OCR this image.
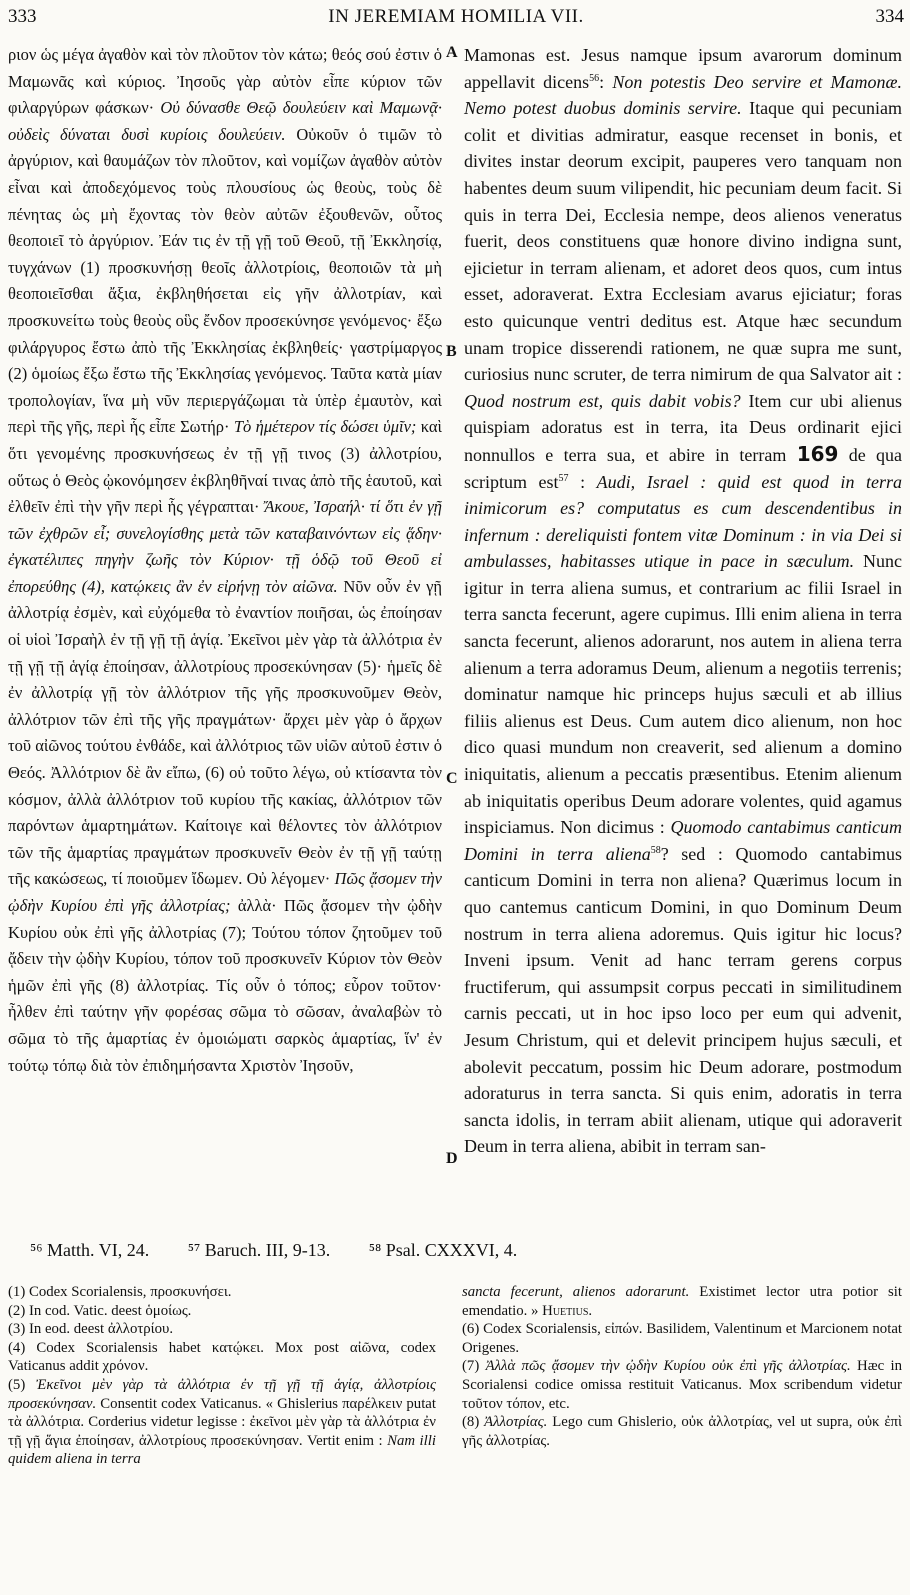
333	IN JEREMIAM HOMILIA VII.	334

ριον ὡς μέγα ἀγαθὸν καὶ τὸν πλοῦτον τὸν κάτω; θεός σού ἐστιν ὁ Μαμωνᾶς καὶ κύριος. Ἰησοῦς γὰρ αὐτὸν εἶπε κύριον τῶν φιλαργύρων φάσκων· Οὐ δύνασθε Θεῷ δουλεύειν καὶ Μαμωνᾷ· οὐδεὶς δύναται δυσὶ κυρίοις δουλεύειν. Οὐκοῦν ὁ τιμῶν τὸ ἀργύριον, καὶ θαυμάζων τὸν πλοῦτον, καὶ νομίζων ἀγαθὸν αὐτὸν εἶναι καὶ ἀποδεχόμενος τοὺς πλουσίους ὡς θεοὺς, τοὺς δὲ πένητας ὡς μὴ ἔχοντας τὸν θεὸν αὐτῶν ἐξουθενῶν, οὗτος θεοποιεῖ τὸ ἀργύριον. Ἐάν τις ἐν τῇ γῇ τοῦ Θεοῦ, τῇ Ἐκκλησίᾳ, τυγχάνων (1) προσκυνήσῃ θεοῖς ἀλλοτρίοις, θεοποιῶν τὰ μὴ θεοποιεῖσθαι ἄξια, ἐκβληθήσεται εἰς γῆν ἀλλοτρίαν, καὶ προσκυνείτω τοὺς θεοὺς οὓς ἔνδον προσεκύνησε γενόμενος· ἔξω φιλάργυρος ἔστω ἀπὸ τῆς Ἐκκλησίας ἐκβληθείς· γαστρίμαργος (2) ὁμοίως ἔξω ἔστω τῆς Ἐκκλησίας γενόμενος. Ταῦτα κατὰ μίαν τροπολογίαν, ἵνα μὴ νῦν περιεργάζωμαι τὰ ὑπὲρ ἐμαυτὸν, καὶ περὶ τῆς γῆς, περὶ ἧς εἶπε Σωτήρ· Τὸ ἡμέτερον τίς δώσει ὑμῖν; καὶ ὅτι γενομένης προσκυνήσεως ἐν τῇ γῇ τινος (3) ἀλλοτρίου, οὕτως ὁ Θεὸς ᾠκονόμησεν ἐκβληθῆναί τινας ἀπὸ τῆς ἑαυτοῦ, καὶ ἐλθεῖν ἐπὶ τὴν γῆν περὶ ἧς γέγραπται· Ἄκουε, Ἰσραήλ· τί ὅτι ἐν γῇ τῶν ἐχθρῶν εἶ; συνελογίσθης μετὰ τῶν καταβαινόντων εἰς ᾅδην· ἐγκατέλιπες πηγὴν ζωῆς τὸν Κύριον· τῇ ὁδῷ τοῦ Θεοῦ εἰ ἐπορεύθης (4), κατῴκεις ἂν ἐν εἰρήνῃ τὸν αἰῶνα. Νῦν οὖν ἐν γῇ ἀλλοτρίᾳ ἐσμὲν, καὶ εὐχόμεθα τὸ ἐναντίον ποιῆσαι, ὡς ἐποίησαν οἱ υἱοὶ Ἰσραὴλ ἐν τῇ γῇ τῇ ἁγίᾳ. Ἐκεῖνοι μὲν γὰρ τὰ ἀλλότρια ἐν τῇ γῇ τῇ ἁγίᾳ ἐποίησαν, ἀλλοτρίους προσεκύνησαν (5)· ἡμεῖς δὲ ἐν ἀλλοτρίᾳ γῇ τὸν ἀλλότριον τῆς γῆς προσκυνοῦμεν Θεὸν, ἀλλότριον τῶν ἐπὶ τῆς γῆς πραγμάτων· ἄρχει μὲν γὰρ ὁ ἄρχων τοῦ αἰῶνος τούτου ἐνθάδε, καὶ ἀλλότριος τῶν υἱῶν αὐτοῦ ἐστιν ὁ Θεός. Ἀλλότριον δὲ ἂν εἴπω, (6) οὐ τοῦτο λέγω, οὐ κτίσαντα τὸν κόσμον, ἀλλὰ ἀλλότριον τοῦ κυρίου τῆς κακίας, ἀλλότριον τῶν παρόντων ἁμαρτημάτων. Καίτοιγε καὶ θέλοντες τὸν ἀλλότριον τῶν τῆς ἁμαρτίας πραγμάτων προσκυνεῖν Θεὸν ἐν τῇ γῇ ταύτῃ τῆς κακώσεως, τί ποιοῦμεν ἴδωμεν. Οὐ λέγομεν· Πῶς ᾄσομεν τὴν ᾠδὴν Κυρίου ἐπὶ γῆς ἀλλοτρίας; ἀλλὰ· Πῶς ᾄσομεν τὴν ᾠδὴν Κυρίου οὐκ ἐπὶ γῆς ἀλλοτρίας (7); Τούτου τόπον ζητοῦμεν τοῦ ᾄδειν τὴν ᾠδὴν Κυρίου, τόπον τοῦ προσκυνεῖν Κύριον τὸν Θεὸν ἡμῶν ἐπὶ γῆς (8) ἀλλοτρίας. Τίς οὖν ὁ τόπος; εὗρον τοῦτον· ἦλθεν ἐπὶ ταύτην γῆν φορέσας σῶμα τὸ σῶσαν, ἀναλαβὼν τὸ σῶμα τὸ τῆς ἁμαρτίας ἐν ὁμοιώματι σαρκὸς ἁμαρτίας, ἵν' ἐν τούτῳ τόπῳ διὰ τὸν ἐπιδημήσαντα Χριστὸν Ἰησοῦν,

A
B
C
D

Mamonas est. Jesus namque ipsum avarorum dominum appellavit dicens$^{56}$: Non potestis Deo servire et Mamonæ. Nemo potest duobus dominis servire. Itaque qui pecuniam colit et divitias admiratur, easque recenset in bonis, et divites instar deorum excipit, pauperes vero tanquam non habentes deum suum vilipendit, hic pecuniam deum facit. Si quis in terra Dei, Ecclesia nempe, deos alienos veneratus fuerit, deos constituens quæ honore divino indigna sunt, ejicietur in terram alienam, et adoret deos quos, cum intus esset, adoraverat. Extra Ecclesiam avarus ejiciatur; foras esto quicunque ventri deditus est. Atque hæc secundum unam tropice disserendi rationem, ne quæ supra me sunt, curiosius nunc scruter, de terra nimirum de qua Salvator ait : Quod nostrum est, quis dabit vobis? Item cur ubi alienus quispiam adoratus est in terra, ita Deus ordinarit ejici nonnullos e terra sua, et abire in terram 169 de qua scriptum est$^{57}$ : Audi, Israel : quid est quod in terra inimicorum es? computatus es cum descendentibus in infernum : dereliquisti fontem vitæ Dominum : in via Dei si ambulasses, habitasses utique in pace in sæculum. Nunc igitur in terra aliena sumus, et contrarium ac filii Israel in terra sancta fecerunt, agere cupimus. Illi enim aliena in terra sancta fecerunt, alienos adorarunt, nos autem in aliena terra alienum a terra adoramus Deum, alienum a negotiis terrenis; dominatur namque hic princeps hujus sæculi et ab illius filiis alienus est Deus. Cum autem dico alienum, non hoc dico quasi mundum non creaverit, sed alienum a domino iniquitatis, alienum a peccatis præsentibus. Etenim alienum ab iniquitatis operibus Deum adorare volentes, quid agamus inspiciamus. Non dicimus : Quomodo cantabimus canticum Domini in terra aliena$^{58}$? sed : Quomodo cantabimus canticum Domini in terra non aliena? Quærimus locum in quo cantemus canticum Domini, in quo Dominum Deum nostrum in terra aliena adoremus. Quis igitur hic locus? Inveni ipsum. Venit ad hanc terram gerens corpus fructiferum, qui assumpsit corpus peccati in similitudinem carnis peccati, ut in hoc ipso loco per eum qui advenit, Jesum Christum, qui et delevit principem hujus sæculi, et abolevit peccatum, possim hic Deum adorare, postmodum adoraturus in terra sancta. Si quis enim, adoratis in terra sancta idolis, in terram abiit alienam, utique qui adoraverit Deum in terra aliena, abibit in terram san-

⁵⁶ Matth. VI, 24. ⁵⁷ Baruch. III, 9-13. ⁵⁸ Psal. CXXXVI, 4.

(1) Codex Scorialensis, προσκυνήσει.

(2) In cod. Vatic. deest ὁμοίως.

(3) In eod. deest ἀλλοτρίου.

(4) Codex Scorialensis habet κατῴκει. Mox post αἰῶνα, codex Vaticanus addit χρόνον.

(5) Ἐκεῖνοι μὲν γὰρ τὰ ἀλλότρια ἐν τῇ γῇ τῇ ἁγίᾳ, ἀλλοτρίοις προσεκύνησαν. Consentit codex Vaticanus. « Ghislerius παρέλκειν putat τὰ ἀλλότρια. Corderius videtur legisse : ἐκεῖνοι μὲν γὰρ τὰ ἀλλότρια ἐν τῇ γῇ ἅγια ἐποίησαν, ἀλλοτρίους προσεκύνησαν. Vertit enim : Nam illi quidem aliena in terra

sancta fecerunt, alienos adorarunt. Existimet lector utra potior sit emendatio. » Huetius.

(6) Codex Scorialensis, εἰπών. Basilidem, Valentinum et Marcionem notat Origenes.

(7) Ἀλλὰ πῶς ᾄσομεν τὴν ᾠδὴν Κυρίου οὐκ ἐπὶ γῆς ἀλλοτρίας. Hæc in Scorialensi codice omissa restituit Vaticanus. Mox scribendum videtur τοῦτον τόπον, etc.

(8) Ἀλλοτρίας. Lego cum Ghislerio, οὐκ ἀλλοτρίας, vel ut supra, οὐκ ἐπὶ γῆς ἀλλοτρίας.
